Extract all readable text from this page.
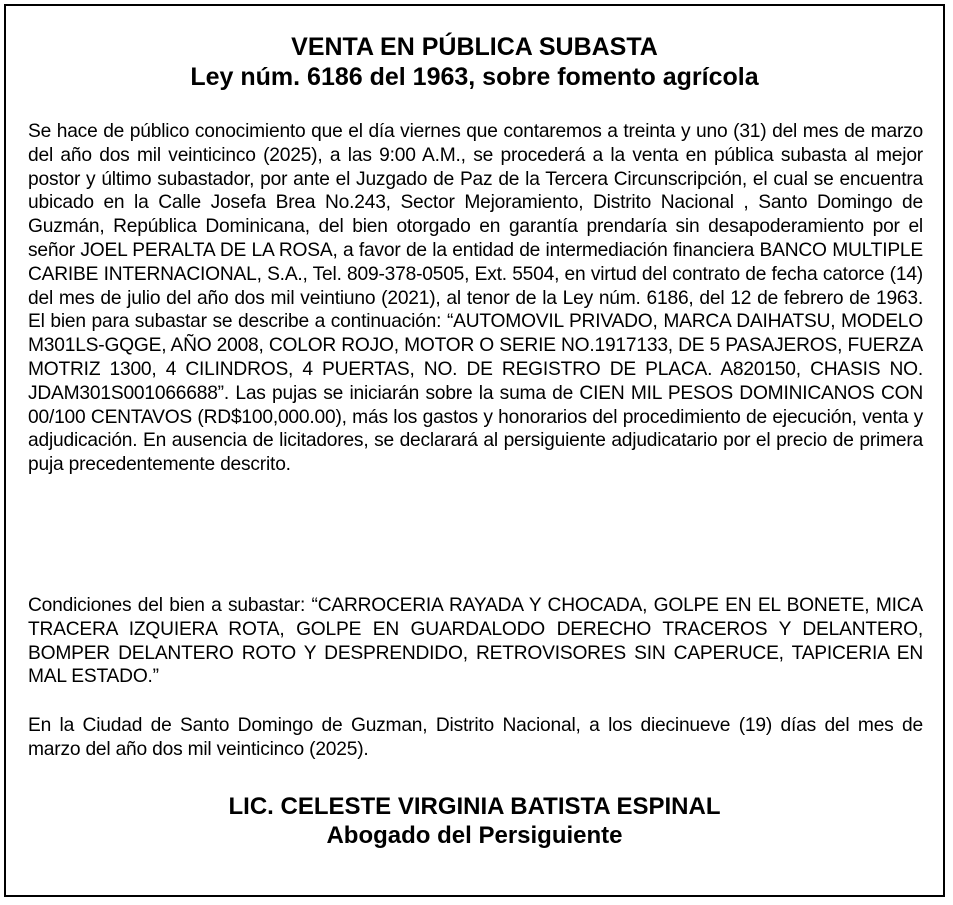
VENTA EN PÚBLICA SUBASTA
Ley núm. 6186 del 1963, sobre fomento agrícola

Se hace de público conocimiento que el día viernes que contaremos a treinta y uno (31) del mes de marzo del año dos mil veinticinco (2025), a las 9:00 A.M., se procederá a la venta en pública subasta al mejor postor y último subastador, por ante el Juzgado de Paz de la Tercera Circunscripción, el cual se encuentra ubicado en la Calle Josefa Brea No.243, Sector Mejoramiento, Distrito Nacional , Santo Domingo de Guzmán, República Dominicana, del bien otorgado en garantía prendaría sin desapoderamiento por el señor JOEL PERALTA DE LA ROSA, a favor de la entidad de intermediación financiera BANCO MULTIPLE CARIBE INTERNACIONAL, S.A., Tel. 809-378-0505, Ext. 5504, en virtud del contrato de fecha catorce (14) del mes de julio del año dos mil veintiuno (2021), al tenor de la Ley núm. 6186, del 12 de febrero de 1963. El bien para subastar se describe a continuación: “AUTOMOVIL PRIVADO, MARCA DAIHATSU, MODELO M301LS-GQGE, AÑO 2008, COLOR ROJO, MOTOR O SERIE NO.1917133, DE 5 PASAJEROS, FUERZA MOTRIZ 1300, 4 CILINDROS, 4 PUERTAS, NO. DE REGISTRO DE PLACA. A820150, CHASIS NO. JDAM301S001066688”. Las pujas se iniciarán sobre la suma de CIEN MIL PESOS DOMINICANOS CON 00/100 CENTAVOS (RD$100,000.00), más los gastos y honorarios del procedimiento de ejecución, venta y adjudicación. En ausencia de licitadores, se declarará al persiguiente adjudicatario por el precio de primera puja precedentemente descrito.

Condiciones del bien a subastar: “CARROCERIA RAYADA Y CHOCADA, GOLPE EN EL BONETE, MICA TRACERA IZQUIERA ROTA, GOLPE EN GUARDALODO DERECHO TRACEROS Y DELANTERO, BOMPER DELANTERO ROTO Y DESPRENDIDO, RETROVISORES SIN CAPERUCE, TAPICERIA EN MAL ESTADO.”

En la Ciudad de Santo Domingo de Guzman, Distrito Nacional, a los diecinueve (19) días del mes de marzo del año dos mil veinticinco (2025).

LIC. CELESTE VIRGINIA BATISTA ESPINAL
Abogado del Persiguiente
